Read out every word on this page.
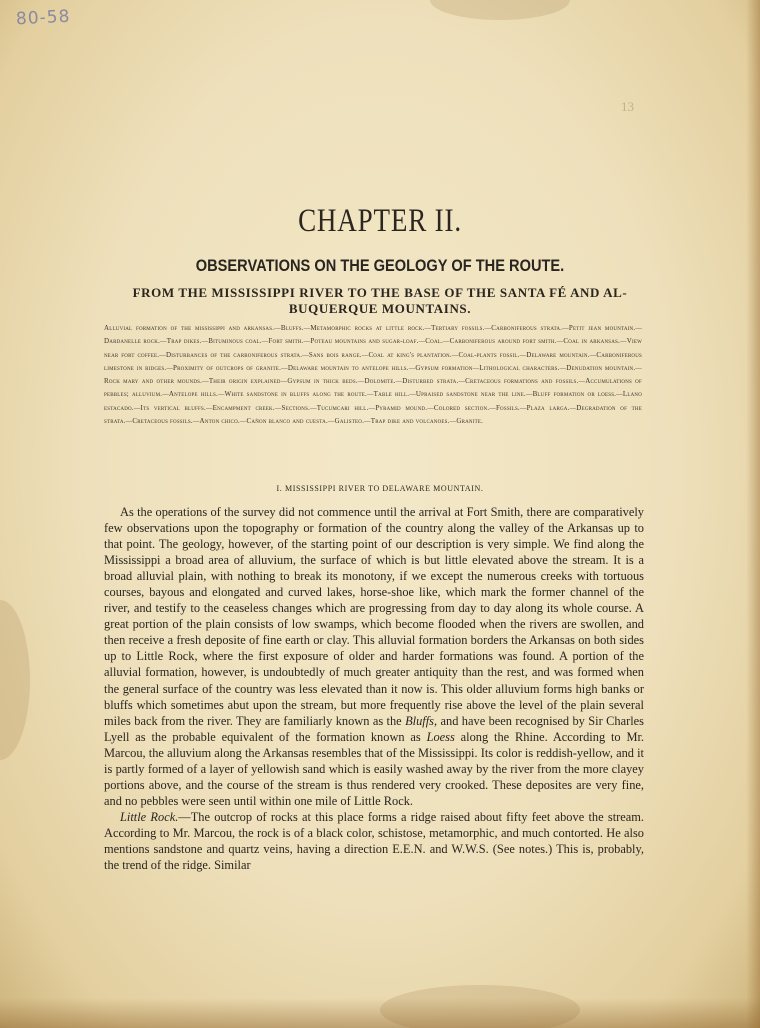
80-58
13
CHAPTER II.
OBSERVATIONS ON THE GEOLOGY OF THE ROUTE.
FROM THE MISSISSIPPI RIVER TO THE BASE OF THE SANTA FÉ AND AL-
BUQUERQUE MOUNTAINS.
Alluvial formation of the mississippi and arkansas.—Bluffs.—Metamorphic rocks at little rock.—Tertiary fossils.—Carboniferous strata.—Petit jean mountain.—Dardanelle rock.—Trap dikes.—Bituminous coal.—Fort smith.—Poteau mountains and sugar-loaf.—Coal.—Carboniferous around fort smith.—Coal in arkansas.—View near fort coffee.—Disturbances of the carboniferous strata.—Sans bois range.—Coal at king's plantation.—Coal-plants fossil.—Delaware mountain.—Carboniferous limestone in ridges.—Proximity of outcrops of granite.—Delaware mountain to antelope hills.—Gypsum formation—Lithological characters.—Denudation mountain.—Rock mary and other mounds.—Their origin explained—Gypsum in thick beds.—Dolomite.—Disturbed strata.—Cretaceous formations and fossils.—Accumulations of pebbles; alluvium.—Antelope hills.—White sandstone in bluffs along the route.—Table hill.—Upraised sandstone near the line.—Bluff formation or loess.—Llano estacado.—Its vertical bluffs.—Encampment creek.—Sections.—Tucumcari hill.—Pyramid mound.—Colored section.—Fossils.—Plaza larga.—Degradation of the strata.—Cretaceous fossils.—Anton chico.—Cañon blanco and cuesta.—Galisteo.—Trap dike and volcanoes.—Granite.
I. MISSISSIPPI RIVER TO DELAWARE MOUNTAIN.

As the operations of the survey did not commence until the arrival at Fort Smith, there are comparatively few observations upon the topography or formation of the country along the valley of the Arkansas up to that point. The geology, however, of the starting point of our description is very simple. We find along the Mississippi a broad area of alluvium, the surface of which is but little elevated above the stream. It is a broad alluvial plain, with nothing to break its monotony, if we except the numerous creeks with tortuous courses, bayous and elongated and curved lakes, horse-shoe like, which mark the former channel of the river, and testify to the ceaseless changes which are progressing from day to day along its whole course. A great portion of the plain consists of low swamps, which become flooded when the rivers are swollen, and then receive a fresh deposite of fine earth or clay. This alluvial formation borders the Arkansas on both sides up to Little Rock, where the first exposure of older and harder formations was found. A portion of the alluvial formation, however, is undoubtedly of much greater antiquity than the rest, and was formed when the general surface of the country was less elevated than it now is. This older alluvium forms high banks or bluffs which sometimes abut upon the stream, but more frequently rise above the level of the plain several miles back from the river. They are familiarly known as the Bluffs, and have been recognised by Sir Charles Lyell as the probable equivalent of the formation known as Loess along the Rhine. According to Mr. Marcou, the alluvium along the Arkansas resembles that of the Mississippi. Its color is reddish-yellow, and it is partly formed of a layer of yellowish sand which is easily washed away by the river from the more clayey portions above, and the course of the stream is thus rendered very crooked. These deposites are very fine, and no pebbles were seen until within one mile of Little Rock.

Little Rock.—The outcrop of rocks at this place forms a ridge raised about fifty feet above the stream. According to Mr. Marcou, the rock is of a black color, schistose, metamorphic, and much contorted. He also mentions sandstone and quartz veins, having a direction E.E.N. and W.W.S. (See notes.) This is, probably, the trend of the ridge. Similar
